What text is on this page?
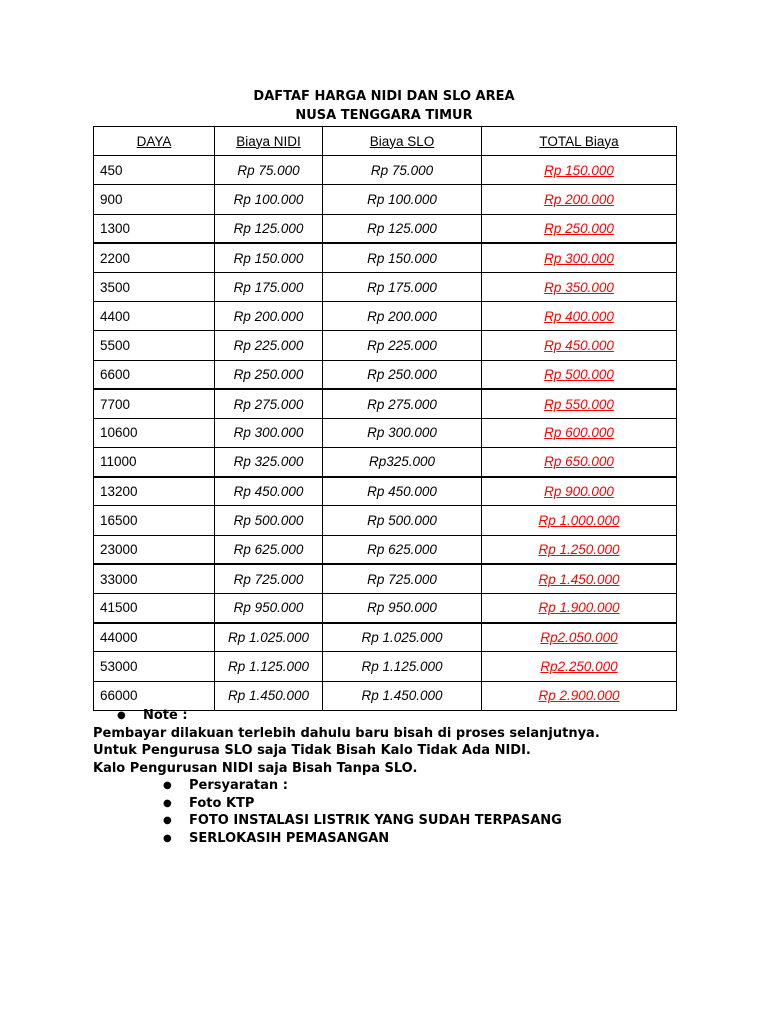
DAFTAF HARGA NIDI DAN SLO AREA
NUSA TENGGARA TIMUR
DAYA	Biaya NIDI	Biaya SLO	TOTAL Biaya
450	Rp 75.000	Rp 75.000	Rp 150.000
900	Rp 100.000	Rp 100.000	Rp 200.000
1300	Rp 125.000	Rp 125.000	Rp 250.000
2200	Rp 150.000	Rp 150.000	Rp 300.000
3500	Rp 175.000	Rp 175.000	Rp 350.000
4400	Rp 200.000	Rp 200.000	Rp 400.000
5500	Rp 225.000	Rp 225.000	Rp 450.000
6600	Rp 250.000	Rp 250.000	Rp 500.000
7700	Rp 275.000	Rp 275.000	Rp 550.000
10600	Rp 300.000	Rp 300.000	Rp 600.000
11000	Rp 325.000	Rp325.000	Rp 650.000
13200	Rp 450.000	Rp 450.000	Rp 900.000
16500	Rp 500.000	Rp 500.000	Rp 1.000.000
23000	Rp 625.000	Rp 625.000	Rp 1.250.000
33000	Rp 725.000	Rp 725.000	Rp 1.450.000
41500	Rp 950.000	Rp 950.000	Rp 1.900.000
44000	Rp 1.025.000	Rp 1.025.000	Rp2.050.000
53000	Rp 1.125.000	Rp 1.125.000	Rp2.250.000
66000	Rp 1.450.000	Rp 1.450.000	Rp 2.900.000
● Note :
Pembayar dilakuan terlebih dahulu baru bisah di proses selanjutnya.
Untuk Pengurusa SLO saja Tidak Bisah Kalo Tidak Ada NIDI.
Kalo Pengurusan NIDI saja Bisah Tanpa SLO.
● Persyaratan :
● Foto KTP
● FOTO INSTALASI LISTRIK YANG SUDAH TERPASANG
● SERLOKASIH PEMASANGAN
